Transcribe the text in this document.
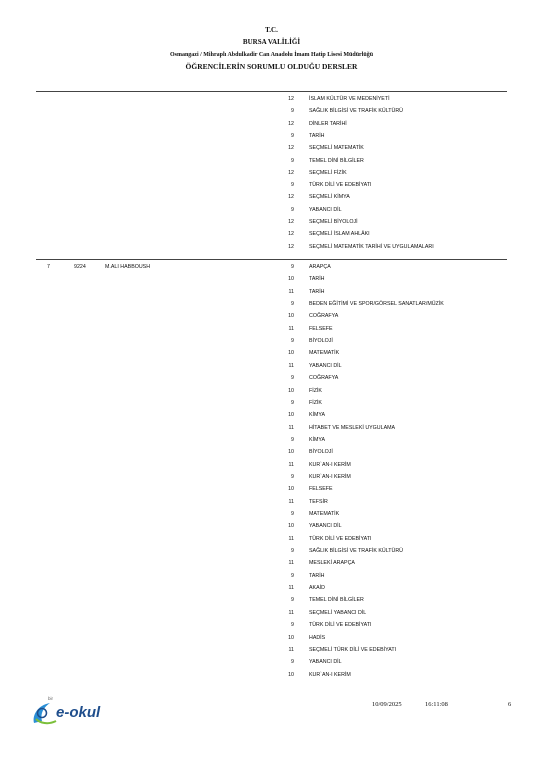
T.C.
BURSA VALİLİĞİ
Osmangazi / Mihraplı Abdulkadir Can Anadolu İmam Hatip Lisesi Müdürlüğü
ÖĞRENCİLERİN SORUMLU OLDUĞU DERSLER
12	İSLAM KÜLTÜR VE MEDENİYETİ
9	SAĞLIK BİLGİSİ VE TRAFİK KÜLTÜRÜ
12	DİNLER TARİHİ
9	TARİH
12	SEÇMELİ MATEMATİK
9	TEMEL DİNİ BİLGİLER
12	SEÇMELİ FİZİK
9	TÜRK DİLİ VE EDEBİYATI
12	SEÇMELİ KİMYA
9	YABANCI DİL
12	SEÇMELİ BİYOLOJİ
12	SEÇMELİ İSLAM AHLÂKI
12	SEÇMELİ MATEMATİK TARİHİ VE UYGULAMALARI
7	9224	M.ALI HABBOUSH	9	ARAPÇA
10	TARİH
11	TARİH
9	BEDEN EĞİTİMİ VE SPOR/GÖRSEL SANATLAR/MÜZİK
10	COĞRAFYA
11	FELSEFE
9	BİYOLOJİ
10	MATEMATİK
11	YABANCI DİL
9	COĞRAFYA
10	FİZİK
9	FİZİK
10	KİMYA
11	HİTABET VE MESLEKİ UYGULAMA
9	KİMYA
10	BİYOLOJİ
11	KUR`AN-I KERİM
9	KUR`AN-I KERİM
10	FELSEFE
11	TEFSİR
9	MATEMATİK
10	YABANCI DİL
11	TÜRK DİLİ VE EDEBİYATI
9	SAĞLIK BİLGİSİ VE TRAFİK KÜLTÜRÜ
11	MESLEKİ ARAPÇA
9	TARİH
11	AKAİD
9	TEMEL DİNİ BİLGİLER
11	SEÇMELİ YABANCI DİL
9	TÜRK DİLİ VE EDEBİYATI
10	HADİS
11	SEÇMELİ TÜRK DİLİ VE EDEBİYATI
9	YABANCI DİL
10	KUR`AN-I KERİM
bir
e-okul	10/09/2025	16:11:08	6
